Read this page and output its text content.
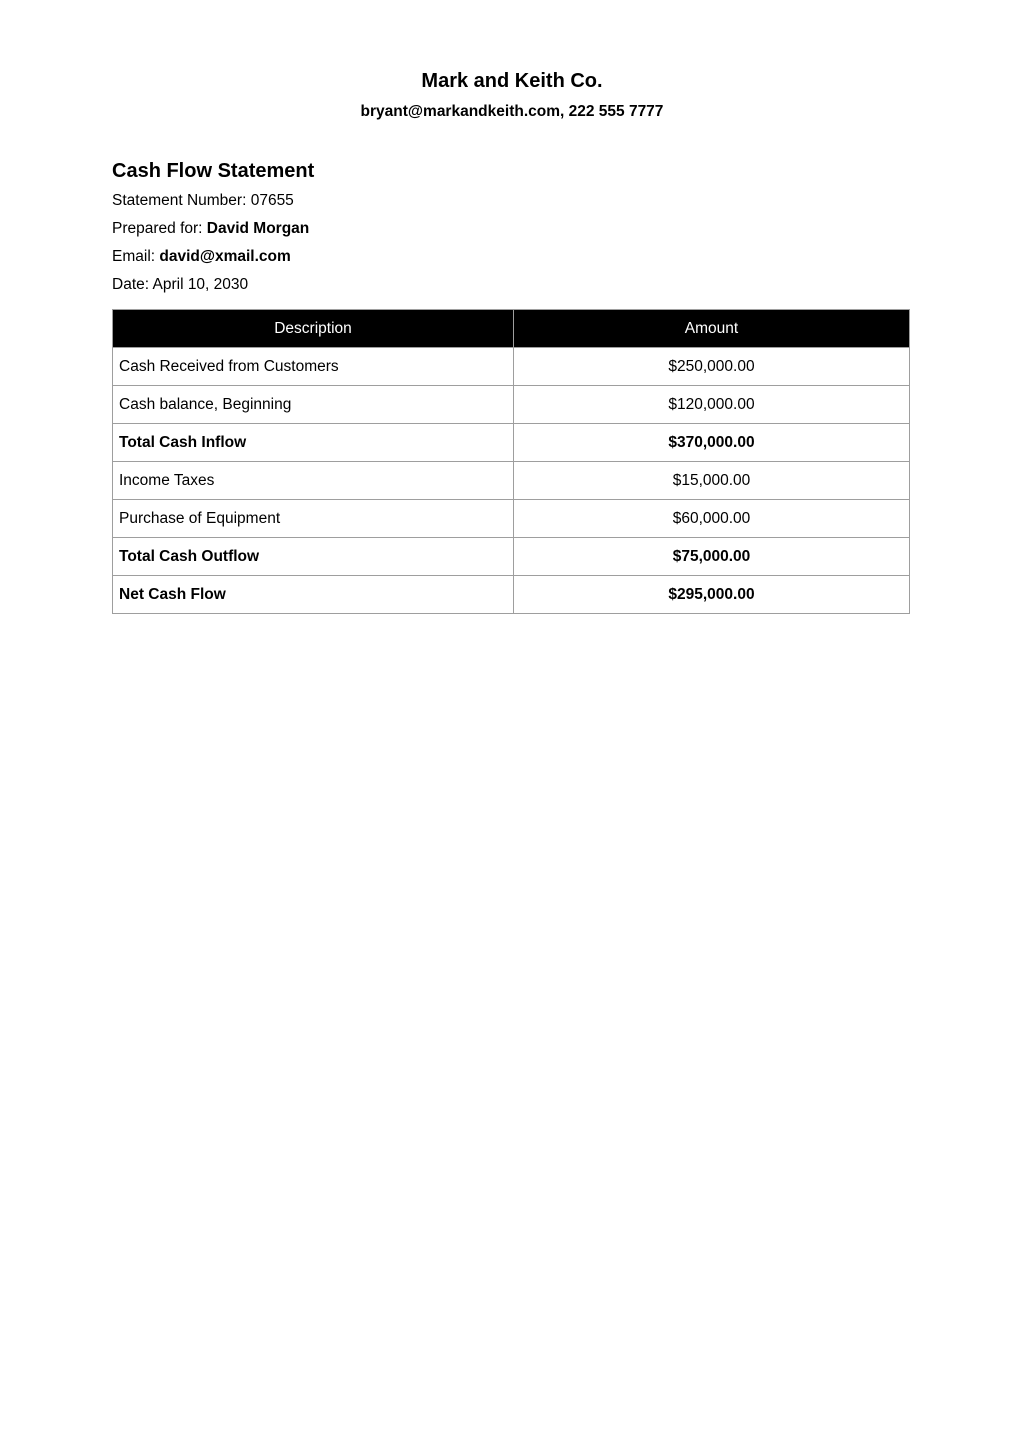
Mark and Keith Co.
bryant@markandkeith.com, 222 555 7777
Cash Flow Statement
Statement Number: 07655
Prepared for: David Morgan
Email: david@xmail.com
Date: April 10, 2030
Description	Amount
Cash Received from Customers	$250,000.00
Cash balance, Beginning	$120,000.00
Total Cash Inflow	$370,000.00
Income Taxes	$15,000.00
Purchase of Equipment	$60,000.00
Total Cash Outflow	$75,000.00
Net Cash Flow	$295,000.00
